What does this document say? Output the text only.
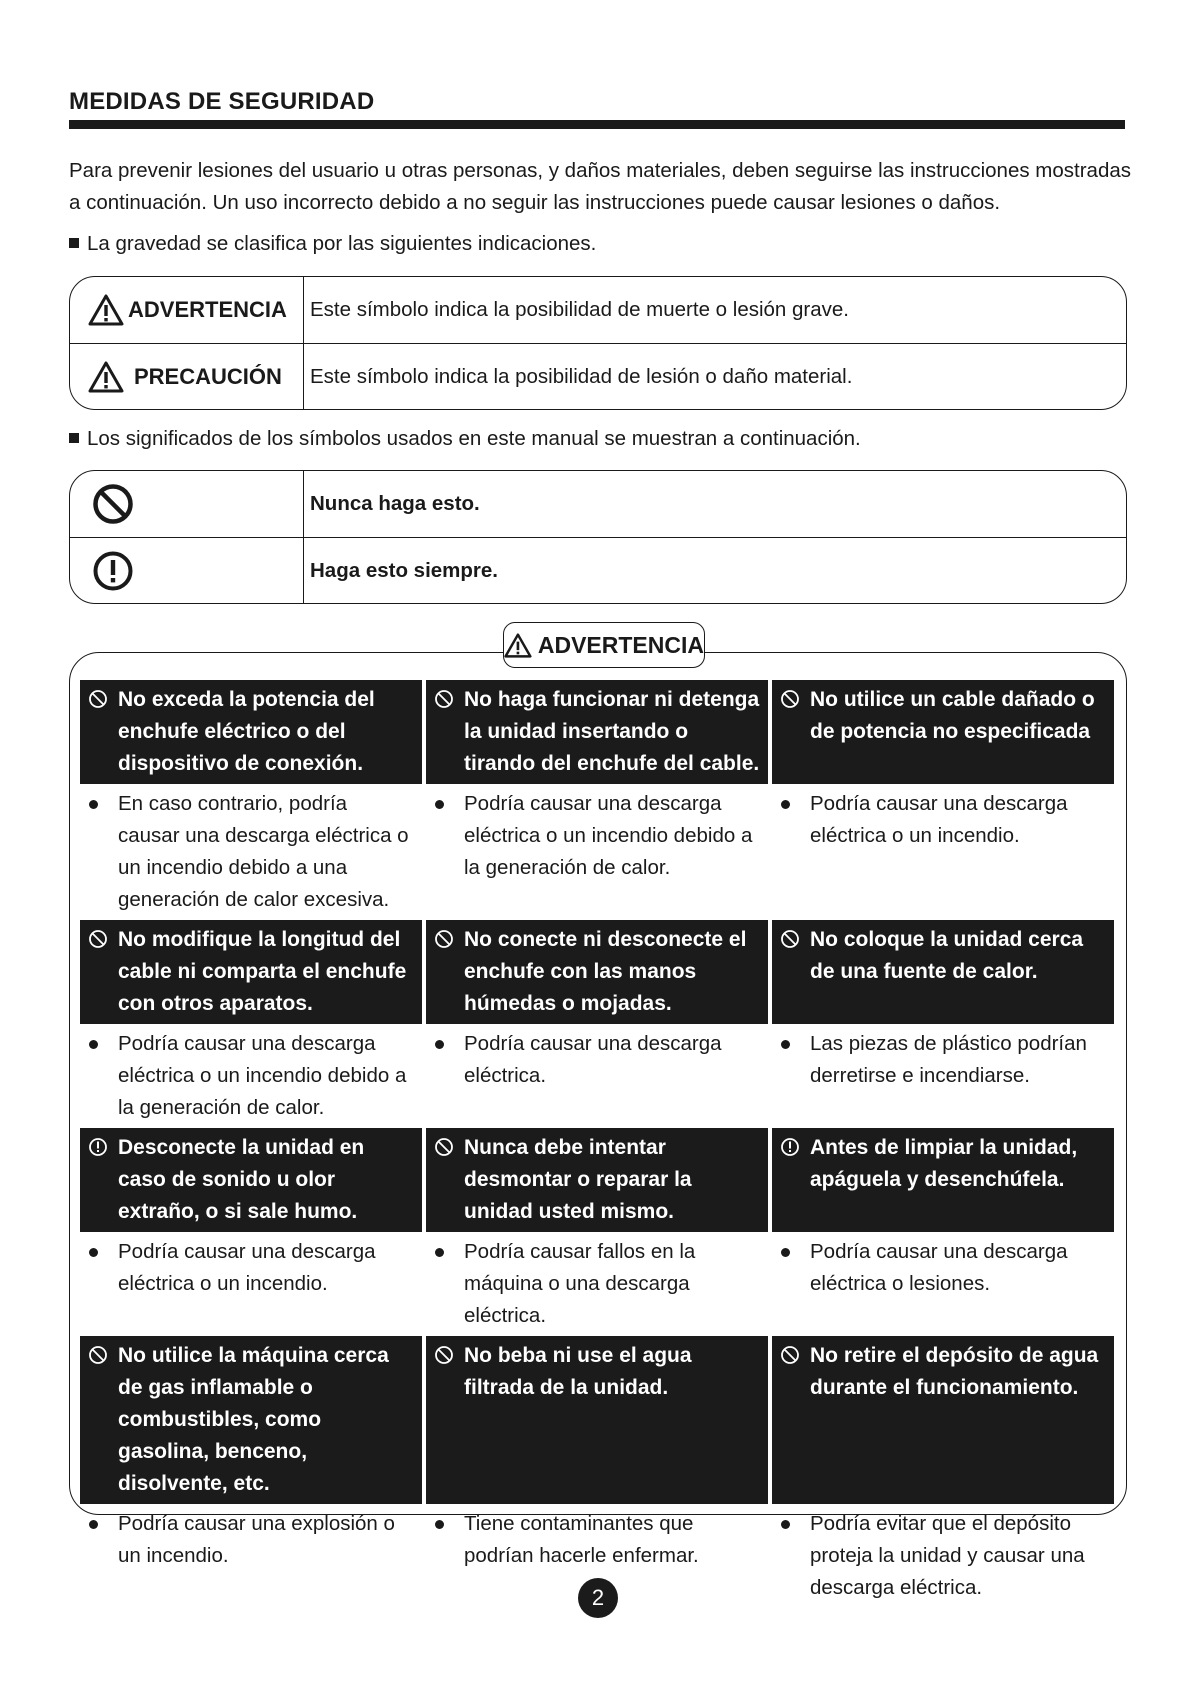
MEDIDAS DE SEGURIDAD
Para prevenir lesiones del usuario u otras personas, y daños materiales, deben seguirse las instrucciones mostradas a continuación. Un uso incorrecto debido a no seguir las instrucciones puede causar lesiones o daños.
La gravedad se clasifica por las siguientes indicaciones.
ADVERTENCIA Este símbolo indica la posibilidad de muerte o lesión grave.
PRECAUCIÓN Este símbolo indica la posibilidad de lesión o daño material.
Los significados de los símbolos usados en este manual se muestran a continuación.
Nunca haga esto.
Haga esto siempre.
ADVERTENCIA
No exceda la potencia del enchufe eléctrico o del dispositivo de conexión.
No haga funcionar ni detenga la unidad insertando o tirando del enchufe del cable.
No utilice un cable dañado o de potencia no especificada
En caso contrario, podría causar una descarga eléctrica o un incendio debido a una generación de calor excesiva.
Podría causar una descarga eléctrica o un incendio debido a la generación de calor.
Podría causar una descarga eléctrica o un incendio.
No modifique la longitud del cable ni comparta el enchufe con otros aparatos.
No conecte ni desconecte el enchufe con las manos húmedas o mojadas.
No coloque la unidad cerca de una fuente de calor.
Podría causar una descarga eléctrica o un incendio debido a la generación de calor.
Podría causar una descarga eléctrica.
Las piezas de plástico podrían derretirse e incendiarse.
Desconecte la unidad en caso de sonido u olor extraño, o si sale humo.
Nunca debe intentar desmontar o reparar la unidad usted mismo.
Antes de limpiar la unidad, apáguela y desenchúfela.
Podría causar una descarga eléctrica o un incendio.
Podría causar fallos en la máquina o una descarga eléctrica.
Podría causar una descarga eléctrica o lesiones.
No utilice la máquina cerca de gas inflamable o combustibles, como gasolina, benceno, disolvente, etc.
No beba ni use el agua filtrada de la unidad.
No retire el depósito de agua durante el funcionamiento.
Podría causar una explosión o un incendio.
Tiene contaminantes que podrían hacerle enfermar.
Podría evitar que el depósito proteja la unidad y causar una descarga eléctrica.
2
